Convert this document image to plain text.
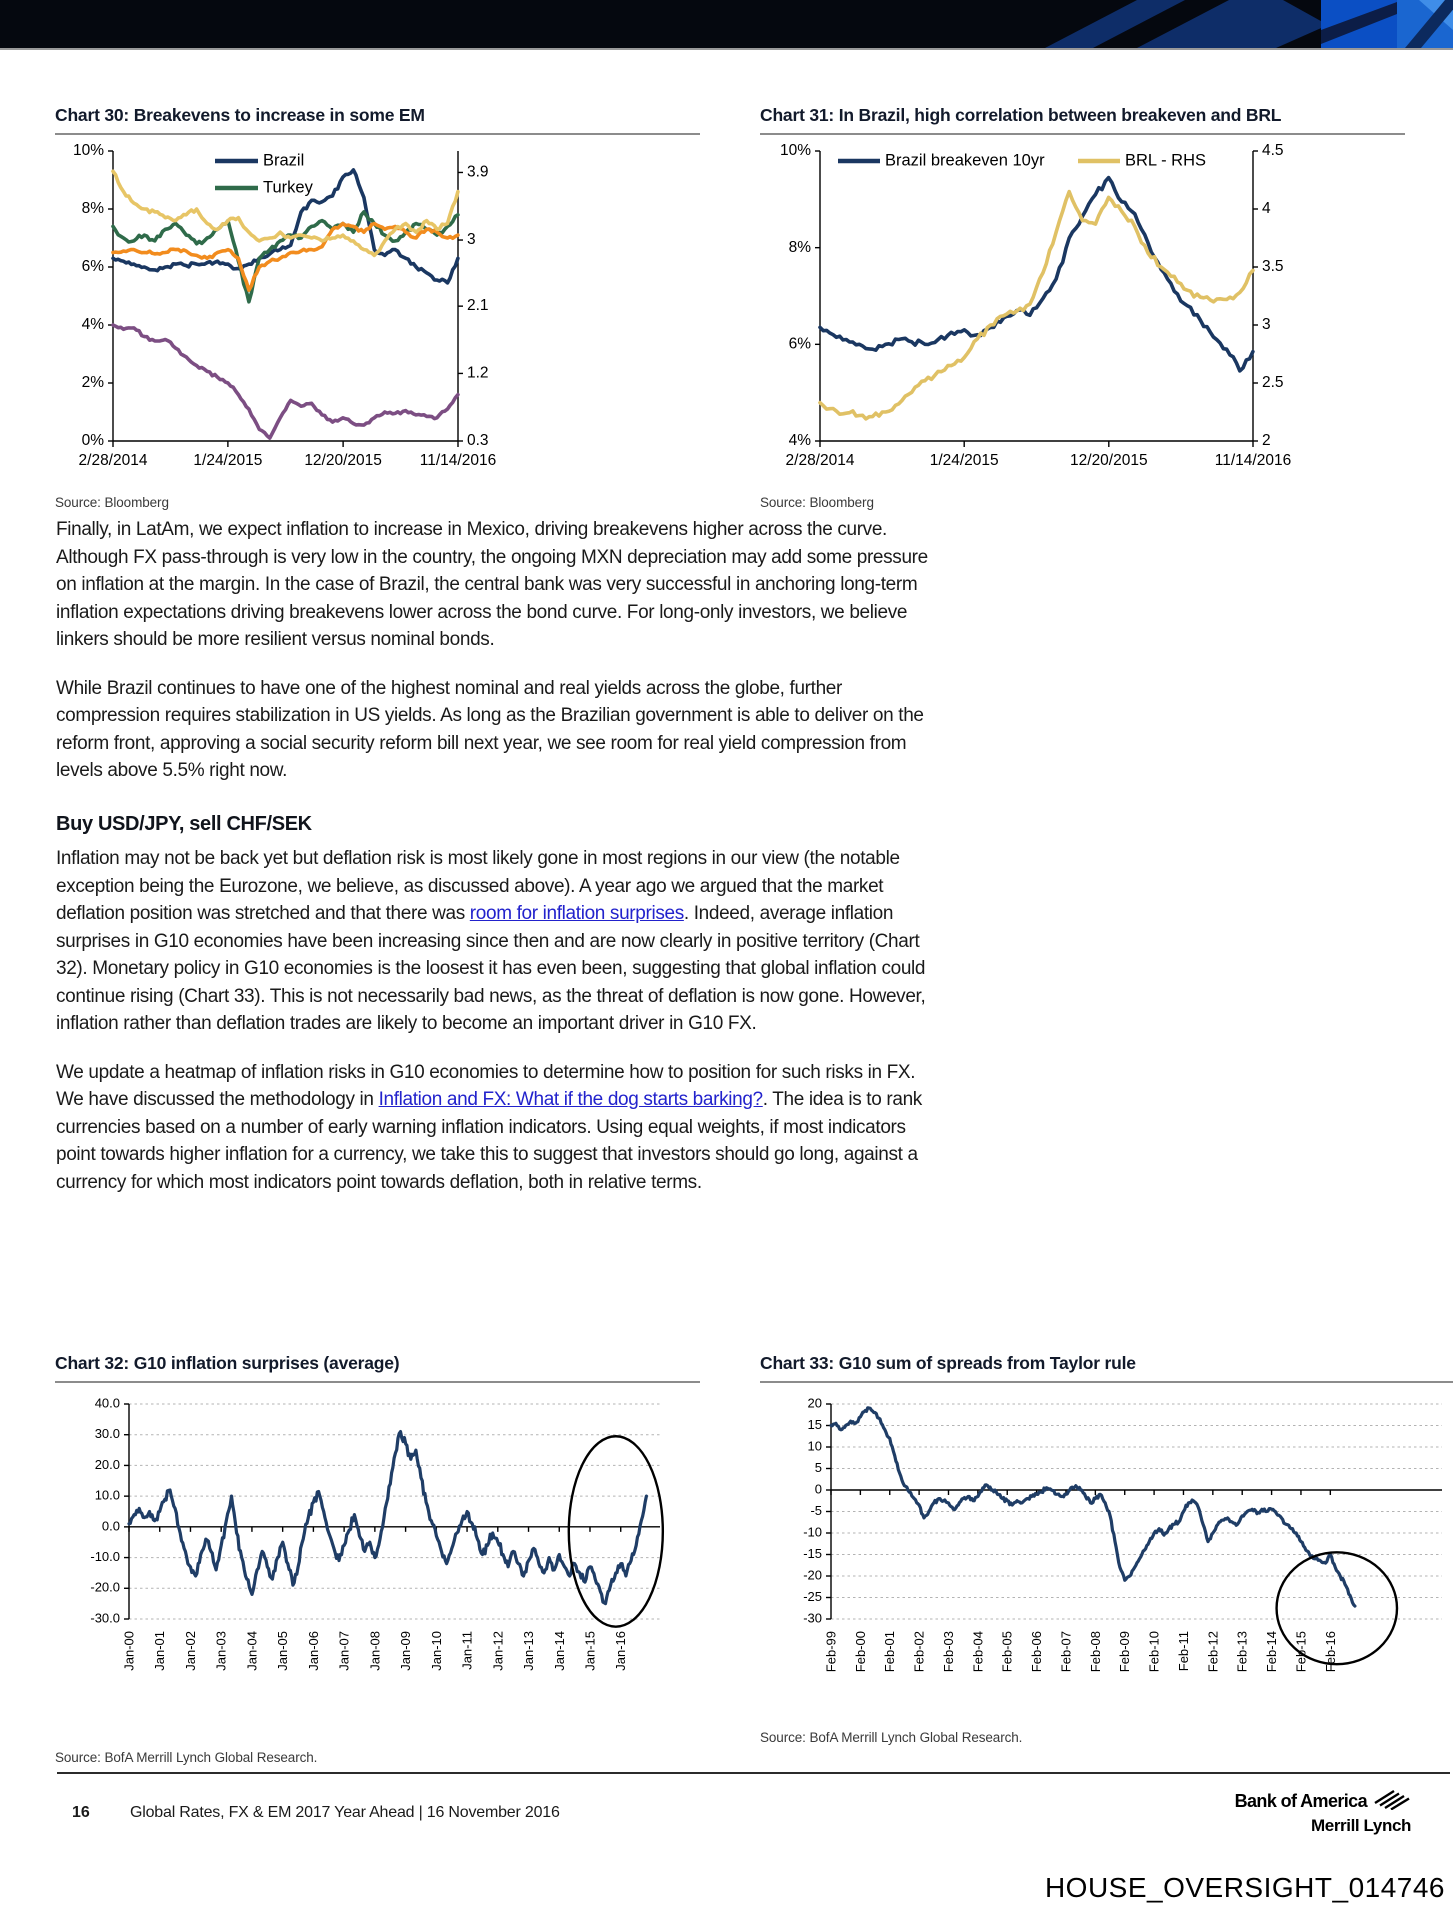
Chart 30: Breakevens to increase in some EM
0%
2%
4%
6%
8%
10%
2/28/2014	1/24/2015	12/20/2015 11/14/2016
0.3
1.2
2.1
3
3.9
Brazil
Turkey
Source: Bloomberg
Chart 31: In Brazil, high correlation between breakeven and BRL
4%
6%
8%
10%
2/28/2014	1/24/2015	12/20/2015	11/14/2016
2
2.5
3
3.5
4
4.5
Brazil breakeven 10yr	BRL - RHS
Source: Bloomberg

Finally, in LatAm, we expect inflation to increase in Mexico, driving breakevens higher across the curve. Although FX pass-through is very low in the country, the ongoing MXN depreciation may add some pressure on inflation at the margin. In the case of Brazil, the central bank was very successful in anchoring long-term inflation expectations driving breakevens lower across the bond curve. For long-only investors, we believe linkers should be more resilient versus nominal bonds.

While Brazil continues to have one of the highest nominal and real yields across the globe, further compression requires stabilization in US yields. As long as the Brazilian government is able to deliver on the reform front, approving a social security reform bill next year, we see room for real yield compression from levels above 5.5% right now.

Buy USD/JPY, sell CHF/SEK

Inflation may not be back yet but deflation risk is most likely gone in most regions in our view (the notable exception being the Eurozone, we believe, as discussed above). A year ago we argued that the market deflation position was stretched and that there was room for inflation surprises. Indeed, average inflation surprises in G10 economies have been increasing since then and are now clearly in positive territory (Chart 32). Monetary policy in G10 economies is the loosest it has even been, suggesting that global inflation could continue rising (Chart 33). This is not necessarily bad news, as the threat of deflation is now gone. However, inflation rather than deflation trades are likely to become an important driver in G10 FX.

We update a heatmap of inflation risks in G10 economies to determine how to position for such risks in FX. We have discussed the methodology in Inflation and FX: What if the dog starts barking?. The idea is to rank currencies based on a number of early warning inflation indicators. Using equal weights, if most indicators point towards higher inflation for a currency, we take this to suggest that investors should go long, against a currency for which most indicators point towards deflation, both in relative terms.

Chart 32: G10 inflation surprises (average)
40.0
30.0
20.0
10.0
0.0
-10.0
-20.0
-30.0
Jan-00 Jan-01 Jan-02 Jan-03 Jan-04 Jan-05 Jan-06 Jan-07 Jan-08 Jan-09 Jan-10 Jan-11 Jan-12 Jan-13 Jan-14 Jan-15 Jan-16
Source: BofA Merrill Lynch Global Research.
Chart 33: G10 sum of spreads from Taylor rule
20
15
10
5
0
-5
-10
-15
-20
-25
-30
Feb-99 Feb-00 Feb-01 Feb-02 Feb-03 Feb-04 Feb-05 Feb-06 Feb-07 Feb-08 Feb-09 Feb-10 Feb-11 Feb-12 Feb-13 Feb-14 Feb-15 Feb-16
Source: BofA Merrill Lynch Global Research.
16	Global Rates, FX & EM 2017 Year Ahead | 16 November 2016
Bank of America
Merrill Lynch
HOUSE_OVERSIGHT_014746
